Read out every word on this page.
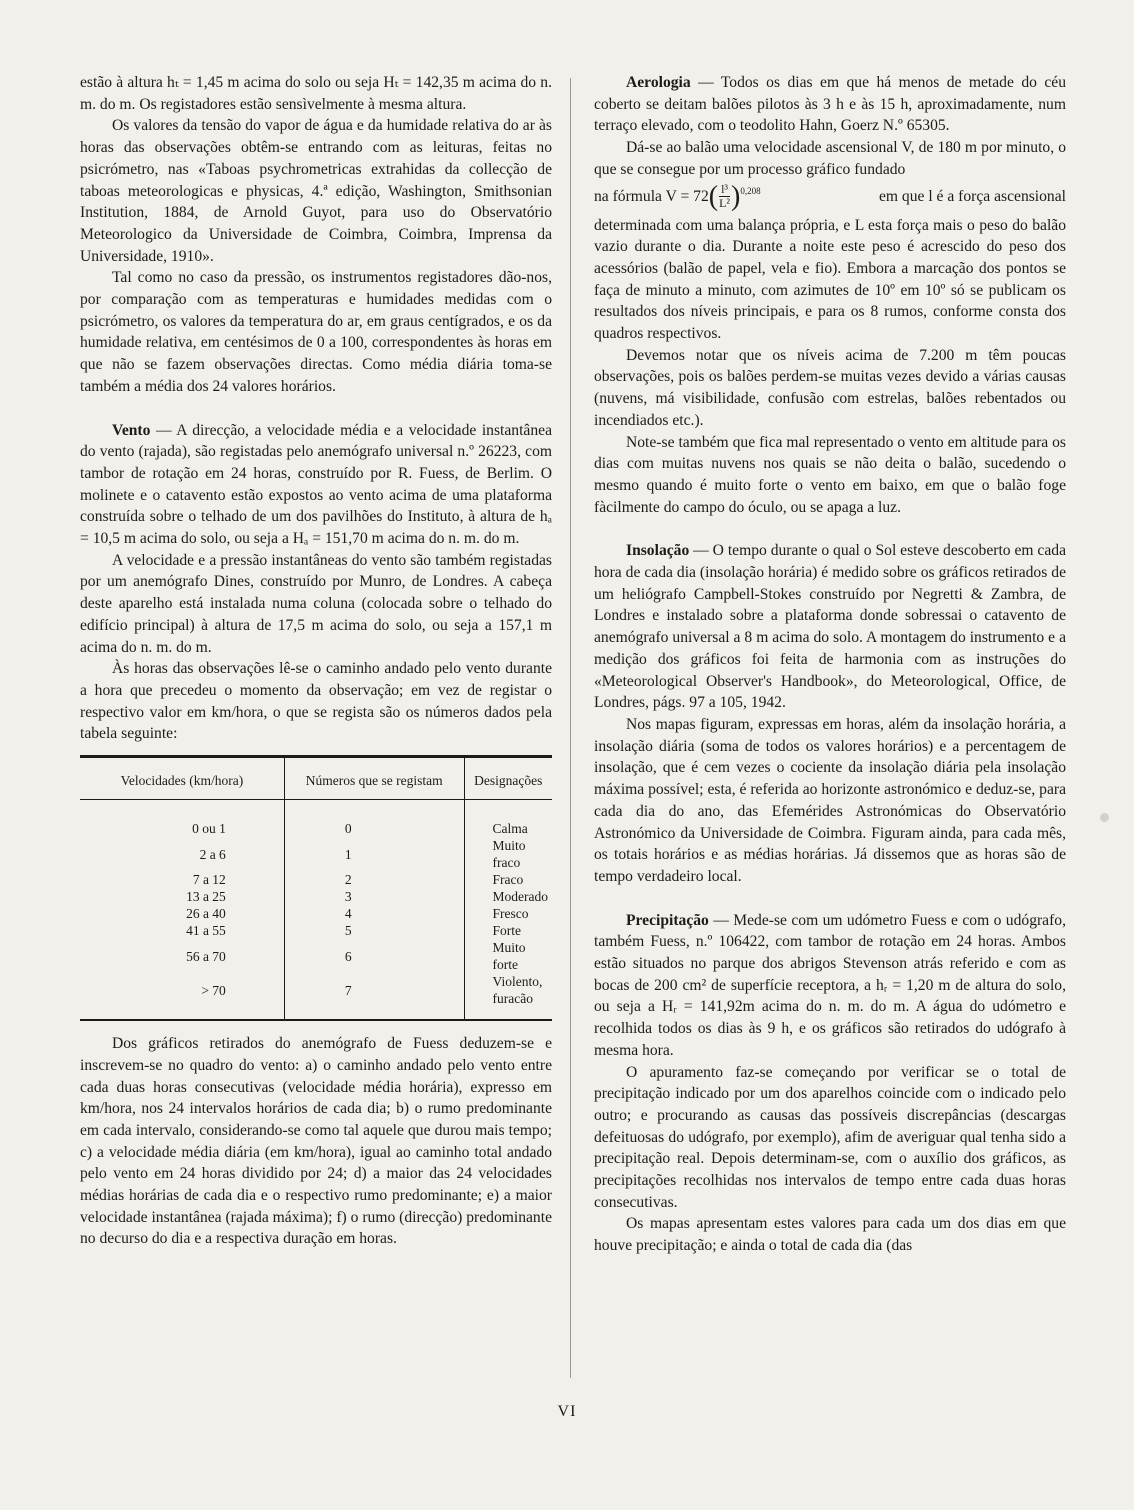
estão à altura hₜ = 1,45 m acima do solo ou seja Hₜ = 142,35 m acima do n. m. do m. Os registadores estão sensìvelmente à mesma altura.

Os valores da tensão do vapor de água e da humidade relativa do ar às horas das observações obtêm-se entrando com as leituras, feitas no psicrómetro, nas «Taboas psychrometricas extrahidas da collecção de taboas meteorologicas e physicas, 4.ª edição, Washington, Smithsonian Institution, 1884, de Arnold Guyot, para uso do Observatório Meteorologico da Universidade de Coimbra, Coimbra, Imprensa da Universidade, 1910».

Tal como no caso da pressão, os instrumentos registadores dão-nos, por comparação com as temperaturas e humidades medidas com o psicrómetro, os valores da temperatura do ar, em graus centígrados, e os da humidade relativa, em centésimos de 0 a 100, correspondentes às horas em que não se fazem observações directas. Como média diária toma-se também a média dos 24 valores horários.

Vento — A direcção, a velocidade média e a velocidade instantânea do vento (rajada), são registadas pelo anemógrafo universal n.º 26223, com tambor de rotação em 24 horas, construído por R. Fuess, de Berlim. O molinete e o catavento estão expostos ao vento acima de uma plataforma construída sobre o telhado de um dos pavilhões do Instituto, à altura de hₐ = 10,5 m acima do solo, ou seja a Hₐ = 151,70 m acima do n. m. do m.

A velocidade e a pressão instantâneas do vento são também registadas por um anemógrafo Dines, construído por Munro, de Londres. A cabeça deste aparelho está instalada numa coluna (colocada sobre o telhado do edifício principal) à altura de 17,5 m acima do solo, ou seja a 157,1 m acima do n. m. do m.

Às horas das observações lê-se o caminho andado pelo vento durante a hora que precedeu o momento da observação; em vez de registar o respectivo valor em km/hora, o que se regista são os números dados pela tabela seguinte:

Velocidades (km/hora)	Números que se registam	Designações
0 ou 1	0	Calma
2 a 6	1	Muito fraco
7 a 12	2	Fraco
13 a 25	3	Moderado
26 a 40	4	Fresco
41 a 55	5	Forte
56 a 70	6	Muito forte
> 70	7	Violento, furacão

Dos gráficos retirados do anemógrafo de Fuess deduzem-se e inscrevem-se no quadro do vento: a) o caminho andado pelo vento entre cada duas horas consecutivas (velocidade média horária), expresso em km/hora, nos 24 intervalos horários de cada dia; b) o rumo predominante em cada intervalo, considerando-se como tal aquele que durou mais tempo; c) a velocidade média diária (em km/hora), igual ao caminho total andado pelo vento em 24 horas dividido por 24; d) a maior das 24 velocidades médias horárias de cada dia e o respectivo rumo predominante; e) a maior velocidade instantânea (rajada máxima); f) o rumo (direcção) predominante no decurso do dia e a respectiva duração em horas.

Aerologia — Todos os dias em que há menos de metade do céu coberto se deitam balões pilotos às 3 h e às 15 h, aproximadamente, num terraço elevado, com o teodolito Hahn, Goerz N.º 65305.

Dá-se ao balão uma velocidade ascensional V, de 180 m por minuto, o que se consegue por um processo gráfico fundado

na fórmula V = 72 ( $\frac{\text{l³}}{\text{L²}}$ ) 0,208	em que l é a força ascensional

determinada com uma balança própria, e L esta força mais o peso do balão vazio durante o dia. Durante a noite este peso é acrescido do peso dos acessórios (balão de papel, vela e fio). Embora a marcação dos pontos se faça de minuto a minuto, com azimutes de 10º em 10º só se publicam os resultados dos níveis principais, e para os 8 rumos, conforme consta dos quadros respectivos.

Devemos notar que os níveis acima de 7.200 m têm poucas observações, pois os balões perdem-se muitas vezes devido a várias causas (nuvens, má visibilidade, confusão com estrelas, balões rebentados ou incendiados etc.).

Note-se também que fica mal representado o vento em altitude para os dias com muitas nuvens nos quais se não deita o balão, sucedendo o mesmo quando é muito forte o vento em baixo, em que o balão foge fàcilmente do campo do óculo, ou se apaga a luz.

Insolação — O tempo durante o qual o Sol esteve descoberto em cada hora de cada dia (insolação horária) é medido sobre os gráficos retirados de um heliógrafo Campbell-Stokes construído por Negretti & Zambra, de Londres e instalado sobre a plataforma donde sobressai o catavento de anemógrafo universal a 8 m acima do solo. A montagem do instrumento e a medição dos gráficos foi feita de harmonia com as instruções do «Meteorological Observer's Handbook», do Meteorological, Office, de Londres, págs. 97 a 105, 1942.

Nos mapas figuram, expressas em horas, além da insolação horária, a insolação diária (soma de todos os valores horários) e a percentagem de insolação, que é cem vezes o cociente da insolação diária pela insolação máxima possível; esta, é referida ao horizonte astronómico e deduz-se, para cada dia do ano, das Efemérides Astronómicas do Observatório Astronómico da Universidade de Coimbra. Figuram ainda, para cada mês, os totais horários e as médias horárias. Já dissemos que as horas são de tempo verdadeiro local.

Precipitação — Mede-se com um udómetro Fuess e com o udógrafo, também Fuess, n.º 106422, com tambor de rotação em 24 horas. Ambos estão situados no parque dos abrigos Stevenson atrás referido e com as bocas de 200 cm² de superfície receptora, a hᵣ = 1,20 m de altura do solo, ou seja a Hᵣ = 141,92m acima do n. m. do m. A água do udómetro e recolhida todos os dias às 9 h, e os gráficos são retirados do udógrafo à mesma hora.

O apuramento faz-se começando por verificar se o total de precipitação indicado por um dos aparelhos coincide com o indicado pelo outro; e procurando as causas das possíveis discrepâncias (descargas defeituosas do udógrafo, por exemplo), afim de averiguar qual tenha sido a precipitação real. Depois determinam-se, com o auxílio dos gráficos, as precipitações recolhidas nos intervalos de tempo entre cada duas horas consecutivas.

Os mapas apresentam estes valores para cada um dos dias em que houve precipitação; e ainda o total de cada dia (das

VI
